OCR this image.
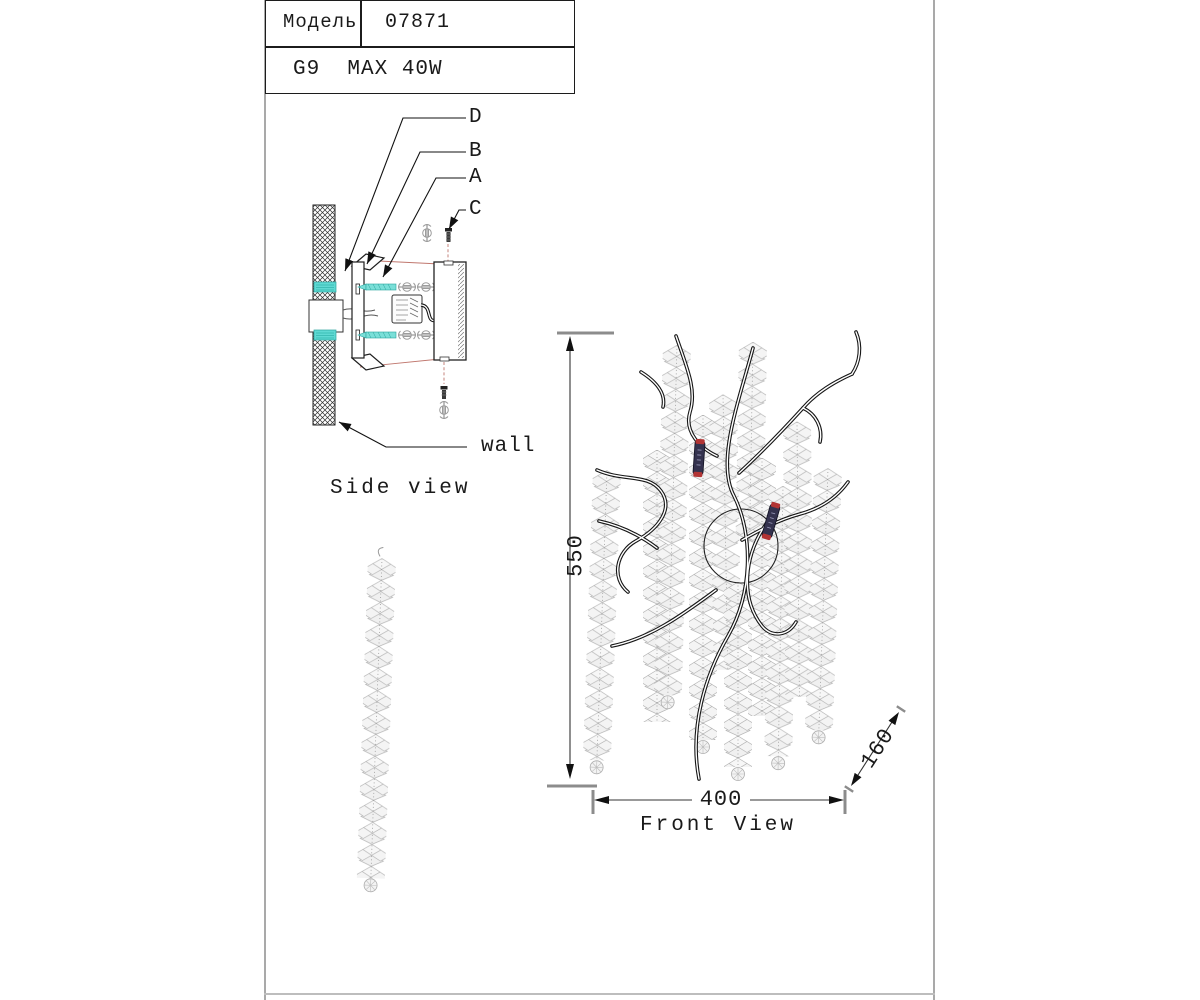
Модель 07871
G9  MAX 40W
D
B
A
C
wall
Side view
550
400
160
Front View
